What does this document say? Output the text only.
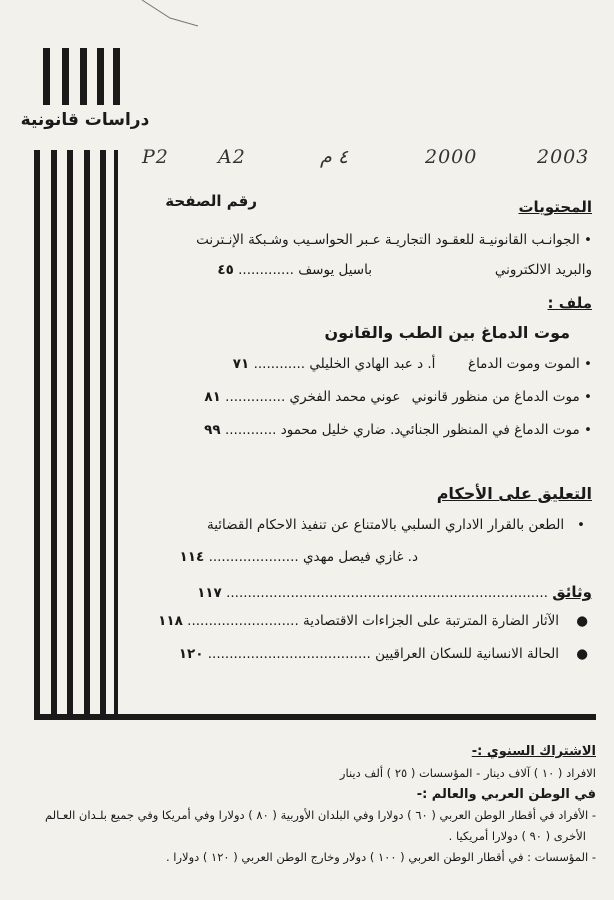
دراسات قانونية
P2	A2	٤ م	2000	2003
رقم الصفحة	المحتويات
• الجوانـب القانونيـة للعقـود التجاريـة عـبر الحواسـيب وشـبكة الإنـترنت
والبريد الالكتروني
باسيل يوسف ............. ٤٥
ملف :
موت الدماغ بين الطب والقانون
• الموت وموت الدماغ أ. د عبد الهادي الخليلي ............ ٧١
• موت الدماغ من منظور قانوني عوني محمد الفخري .............. ٨١
• موت الدماغ في المنظور الجنائي د. ضاري خليل محمود ............ ٩٩
التعليق على الأحكام
•   الطعن بالقرار الاداري السلبي بالامتناع عن تنفيذ الاحكام القضائية
د. غازي فيصل مهدي ..................... ١١٤
وثائق ........................................................................... ١١٧
●    الآثار الضارة المترتبة على الجزاءات الاقتصادية .......................... ١١٨
●    الحالة الانسانية للسكان العراقيين ...................................... ١٢٠
الاشتراك السنوي :-
الافراد ( ١٠ ) آلاف دينار - المؤسسات ( ٢٥ ) ألف دينار
في الوطن العربي والعالم :-
- الأفراد في أقطار الوطن العربي ( ٦٠ ) دولارا وفي البلدان الأوربية ( ٨٠ ) دولارا وفي أمريكا وفي جميع بلـدان العـالم
الأخرى ( ٩٠ ) دولارا أمريكيا .
- المؤسسات : في أقطار الوطن العربي ( ١٠٠ ) دولار وخارج الوطن العربي ( ١٢٠ ) دولارا .
